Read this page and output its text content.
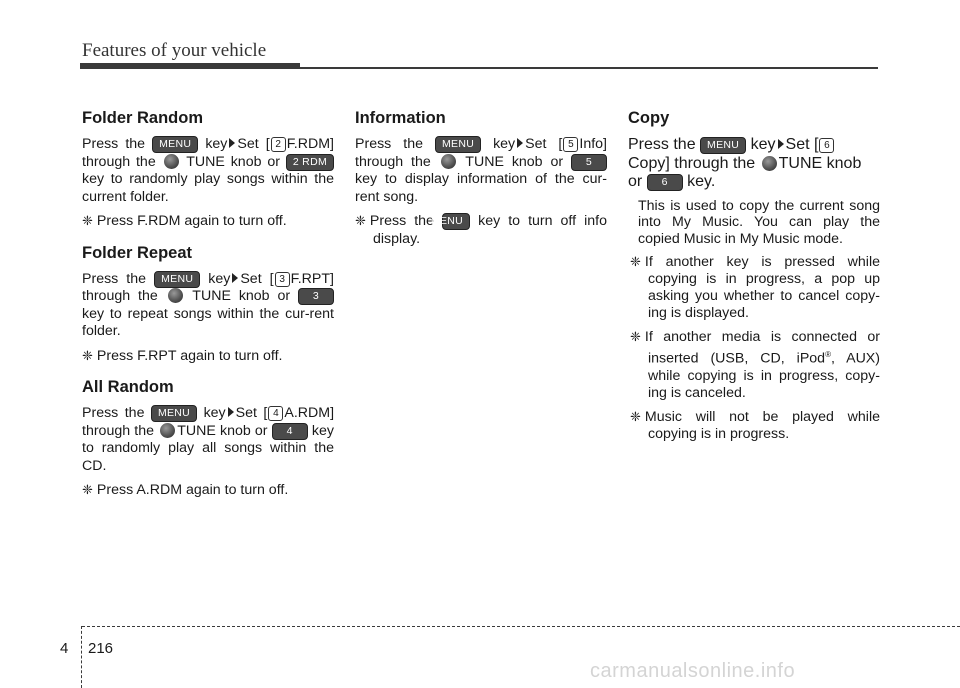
Features of your vehicle
Folder Random

Press the MENU key Set [ 2 F.RDM] through the TUNE knob or 2 RDM key to randomly play songs within the current folder.

❈ Press F.RDM again to turn off.

Folder Repeat

Press the MENU key Set [ 3 F.RPT] through the TUNE knob or 3 key to repeat songs within the cur-rent folder.

❈ Press F.RPT again to turn off.

All Random

Press the MENU key Set [ 4 A.RDM] through the TUNE knob or 4 key to randomly play all songs within the CD.

❈ Press A.RDM again to turn off.

Information

Press the MENU key Set [ 5 Info] through the TUNE knob or 5 key to display information of the cur-rent song.

❈ Press the MENU key to turn off info display.

Copy

Press the MENU key Set [ 6 Copy] through the TUNE knob or 6 key.

This is used to copy the current song into My Music. You can play the copied Music in My Music mode.

❈ If another key is pressed while copying is in progress, a pop up asking you whether to cancel copy-ing is displayed.

❈ If another media is connected or inserted (USB, CD, iPod®, AUX) while copying is in progress, copy-ing is canceled.

❈ Music will not be played while copying is in progress.

4 216
carmanualsonline.info
